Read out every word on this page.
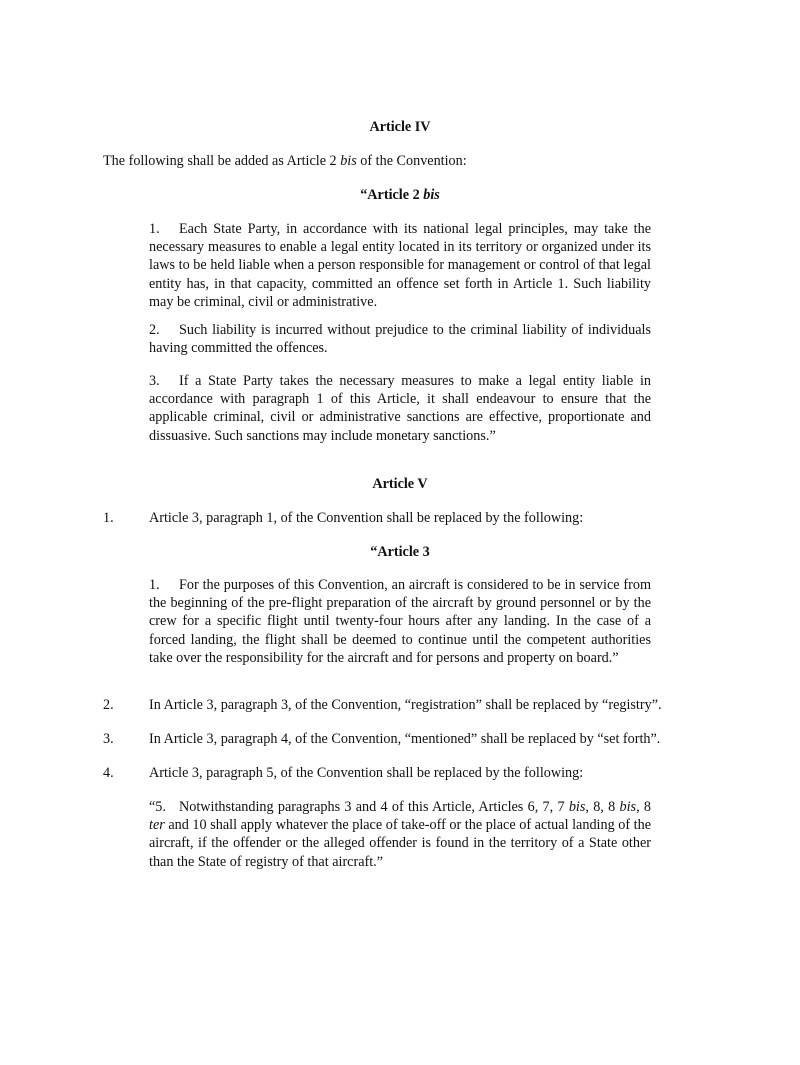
Article IV
The following shall be added as Article 2 bis of the Convention:
“Article 2 bis
1. Each State Party, in accordance with its national legal principles, may take the necessary measures to enable a legal entity located in its territory or organized under its laws to be held liable when a person responsible for management or control of that legal entity has, in that capacity, committed an offence set forth in Article 1. Such liability may be criminal, civil or administrative.
2. Such liability is incurred without prejudice to the criminal liability of individuals having committed the offences.
3. If a State Party takes the necessary measures to make a legal entity liable in accordance with paragraph 1 of this Article, it shall endeavour to ensure that the applicable criminal, civil or administrative sanctions are effective, proportionate and dissuasive. Such sanctions may include monetary sanctions.”
Article V
1. Article 3, paragraph 1, of the Convention shall be replaced by the following:
“Article 3
1. For the purposes of this Convention, an aircraft is considered to be in service from the beginning of the pre-flight preparation of the aircraft by ground personnel or by the crew for a specific flight until twenty-four hours after any landing. In the case of a forced landing, the flight shall be deemed to continue until the competent authorities take over the responsibility for the aircraft and for persons and property on board.”
2. In Article 3, paragraph 3, of the Convention, “registration” shall be replaced by “registry”.
3. In Article 3, paragraph 4, of the Convention, “mentioned” shall be replaced by “set forth”.
4. Article 3, paragraph 5, of the Convention shall be replaced by the following:
“5. Notwithstanding paragraphs 3 and 4 of this Article, Articles 6, 7, 7 bis, 8, 8 bis, 8 ter and 10 shall apply whatever the place of take-off or the place of actual landing of the aircraft, if the offender or the alleged offender is found in the territory of a State other than the State of registry of that aircraft.”
